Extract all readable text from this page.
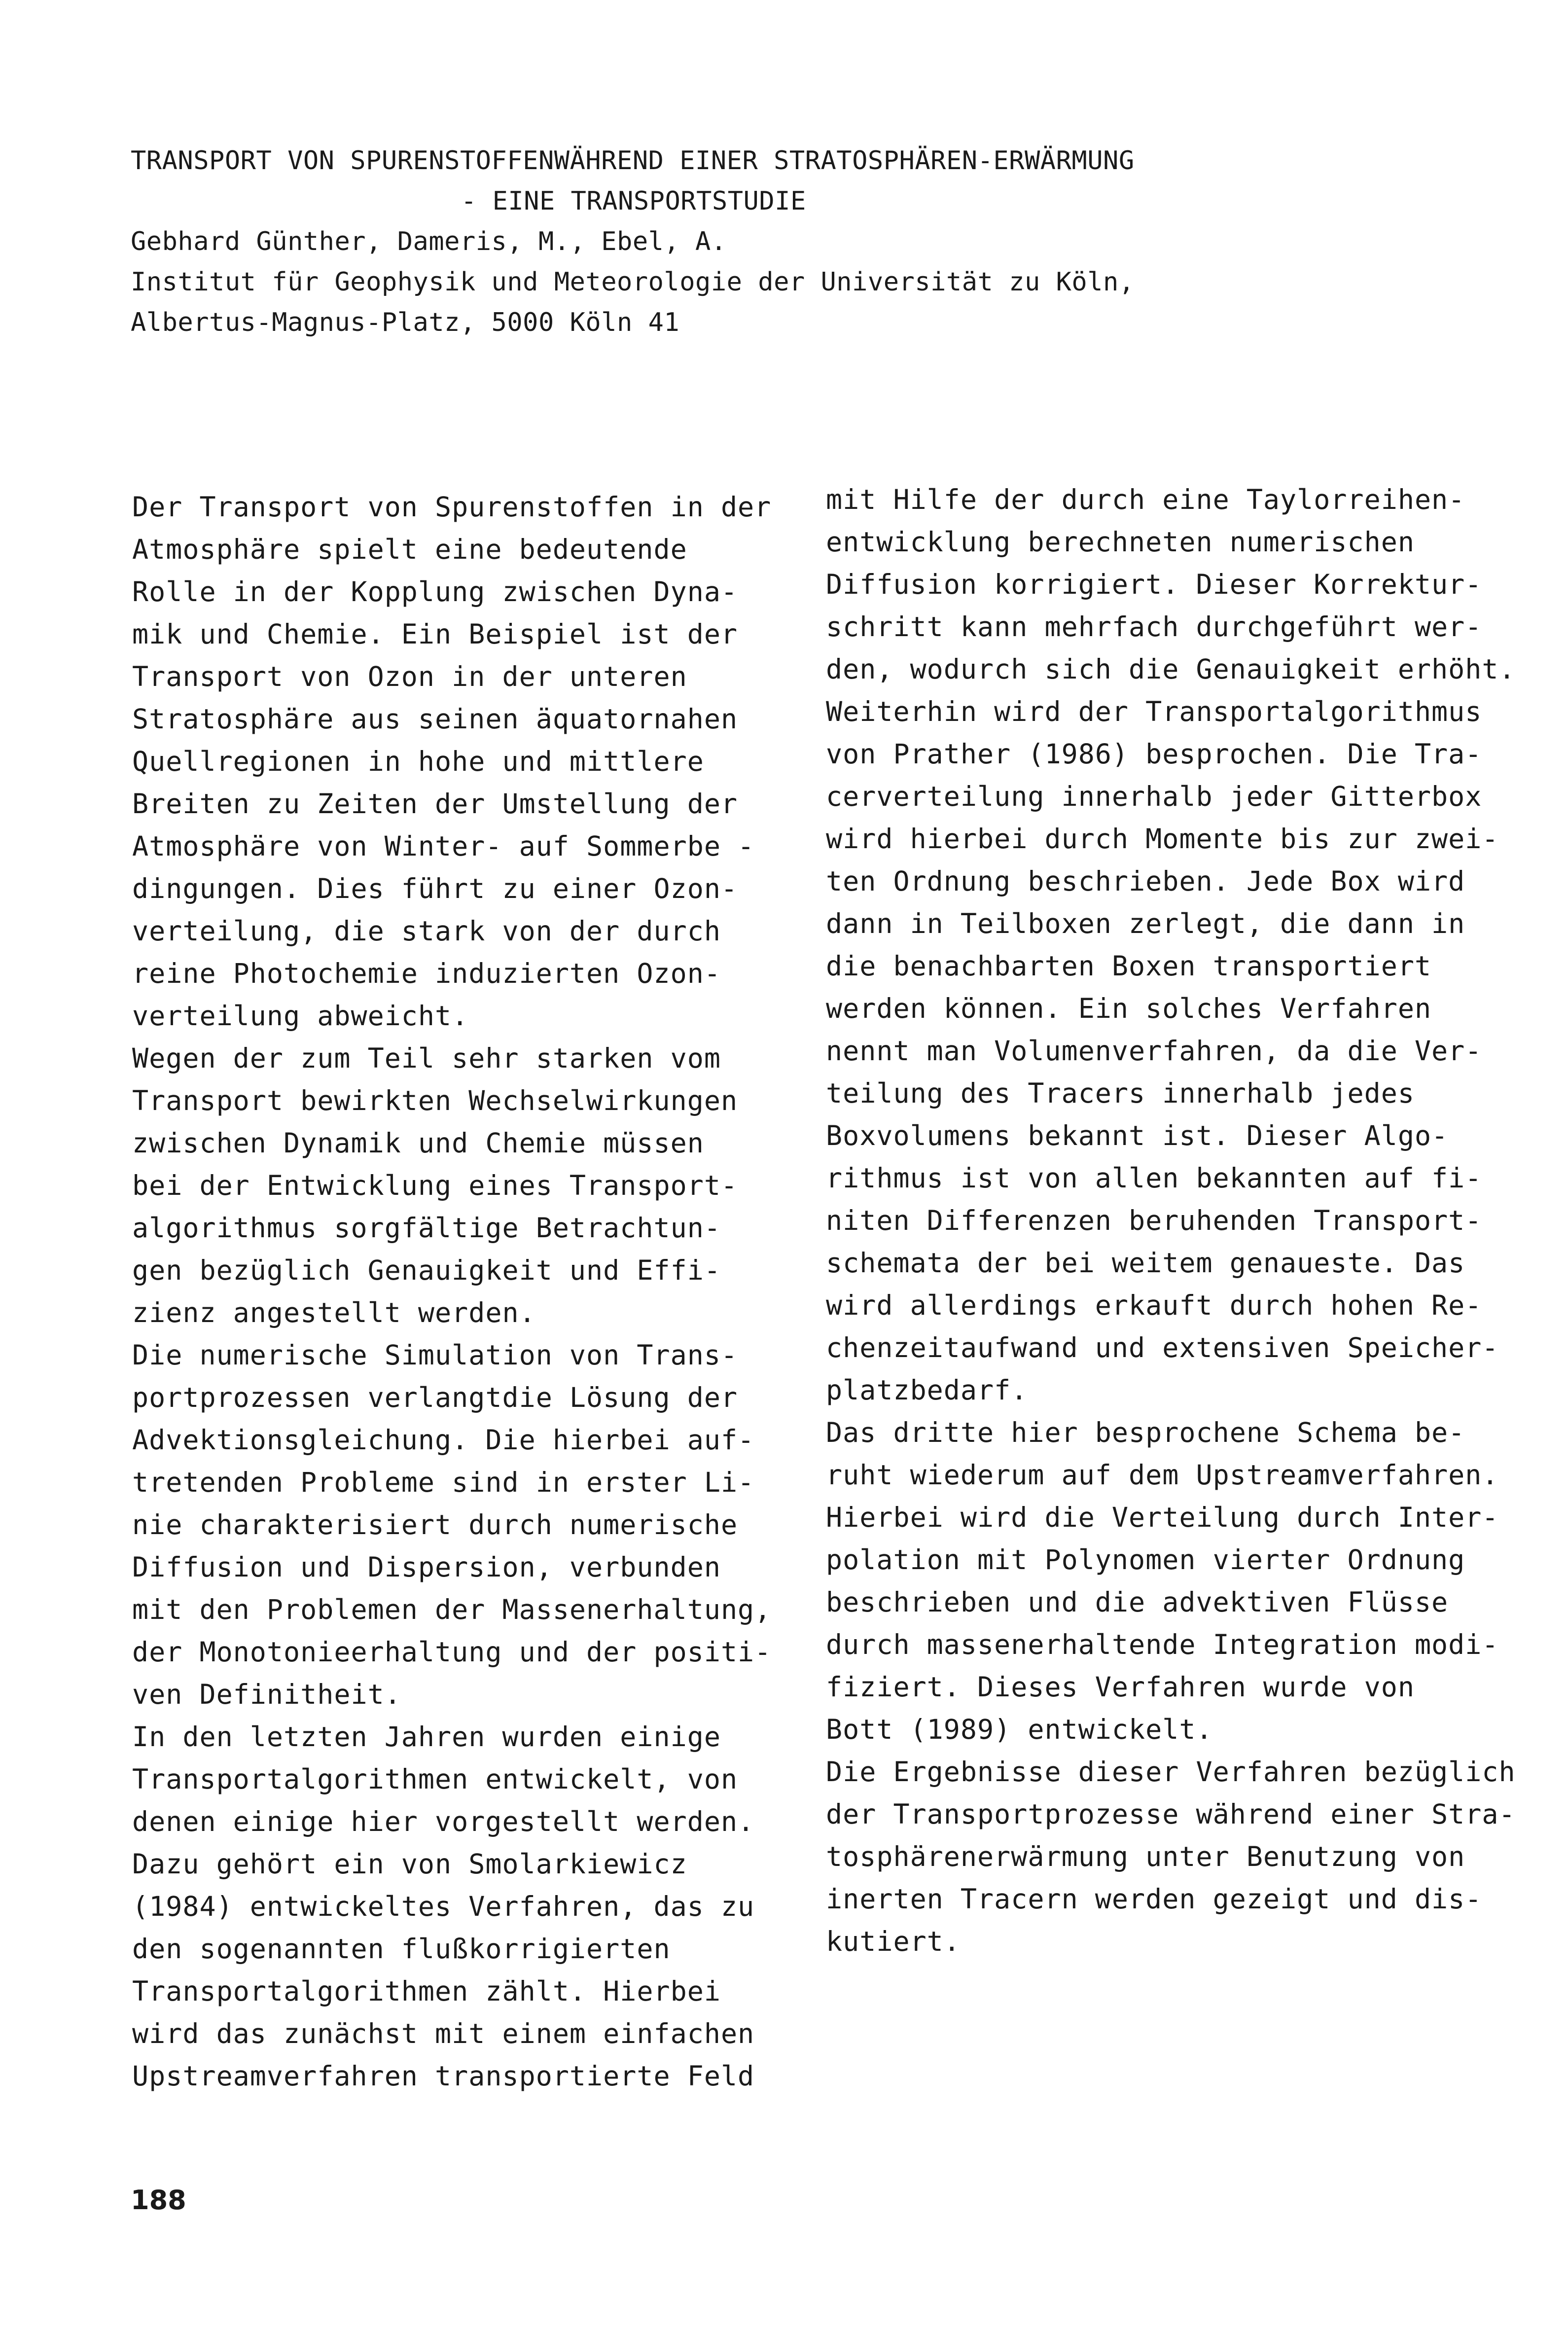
TRANSPORT VON SPURENSTOFFENWÄHREND EINER STRATOSPHÄREN-ERWÄRMUNG
- EINE TRANSPORTSTUDIE
Gebhard Günther, Dameris, M., Ebel, A.
Institut für Geophysik und Meteorologie der Universität zu Köln,
Albertus-Magnus-Platz, 5000 Köln 41
Der Transport von Spurenstoffen in der
Atmosphäre spielt eine bedeutende
Rolle in der Kopplung zwischen Dyna-
mik und Chemie. Ein Beispiel ist der
Transport von Ozon in der unteren
Stratosphäre aus seinen äquatornahen
Quellregionen in hohe und mittlere
Breiten zu Zeiten der Umstellung der
Atmosphäre von Winter- auf Sommerbe -
dingungen. Dies führt zu einer Ozon-
verteilung, die stark von der durch
reine Photochemie induzierten Ozon-
verteilung abweicht.
Wegen der zum Teil sehr starken vom
Transport bewirkten Wechselwirkungen
zwischen Dynamik und Chemie müssen
bei der Entwicklung eines Transport-
algorithmus sorgfältige Betrachtun-
gen bezüglich Genauigkeit und Effi-
zienz angestellt werden.
Die numerische Simulation von Trans-
portprozessen verlangtdie Lösung der
Advektionsgleichung. Die hierbei auf-
tretenden Probleme sind in erster Li-
nie charakterisiert durch numerische
Diffusion und Dispersion, verbunden
mit den Problemen der Massenerhaltung,
der Monotonieerhaltung und der positi-
ven Definitheit.
In den letzten Jahren wurden einige
Transportalgorithmen entwickelt, von
denen einige hier vorgestellt werden.
Dazu gehört ein von Smolarkiewicz
(1984) entwickeltes Verfahren, das zu
den sogenannten flußkorrigierten
Transportalgorithmen zählt. Hierbei
wird das zunächst mit einem einfachen
Upstreamverfahren transportierte Feld
mit Hilfe der durch eine Taylorreihen-
entwicklung berechneten numerischen
Diffusion korrigiert. Dieser Korrektur-
schritt kann mehrfach durchgeführt wer-
den, wodurch sich die Genauigkeit erhöht.
Weiterhin wird der Transportalgorithmus
von Prather (1986) besprochen. Die Tra-
cerverteilung innerhalb jeder Gitterbox
wird hierbei durch Momente bis zur zwei-
ten Ordnung beschrieben. Jede Box wird
dann in Teilboxen zerlegt, die dann in
die benachbarten Boxen transportiert
werden können. Ein solches Verfahren
nennt man Volumenverfahren, da die Ver-
teilung des Tracers innerhalb jedes
Boxvolumens bekannt ist. Dieser Algo-
rithmus ist von allen bekannten auf fi-
niten Differenzen beruhenden Transport-
schemata der bei weitem genaueste. Das
wird allerdings erkauft durch hohen Re-
chenzeitaufwand und extensiven Speicher-
platzbedarf.
Das dritte hier besprochene Schema be-
ruht wiederum auf dem Upstreamverfahren.
Hierbei wird die Verteilung durch Inter-
polation mit Polynomen vierter Ordnung
beschrieben und die advektiven Flüsse
durch massenerhaltende Integration modi-
fiziert. Dieses Verfahren wurde von
Bott (1989) entwickelt.
Die Ergebnisse dieser Verfahren bezüglich
der Transportprozesse während einer Stra-
tosphärenerwärmung unter Benutzung von
inerten Tracern werden gezeigt und dis-
kutiert.
188
